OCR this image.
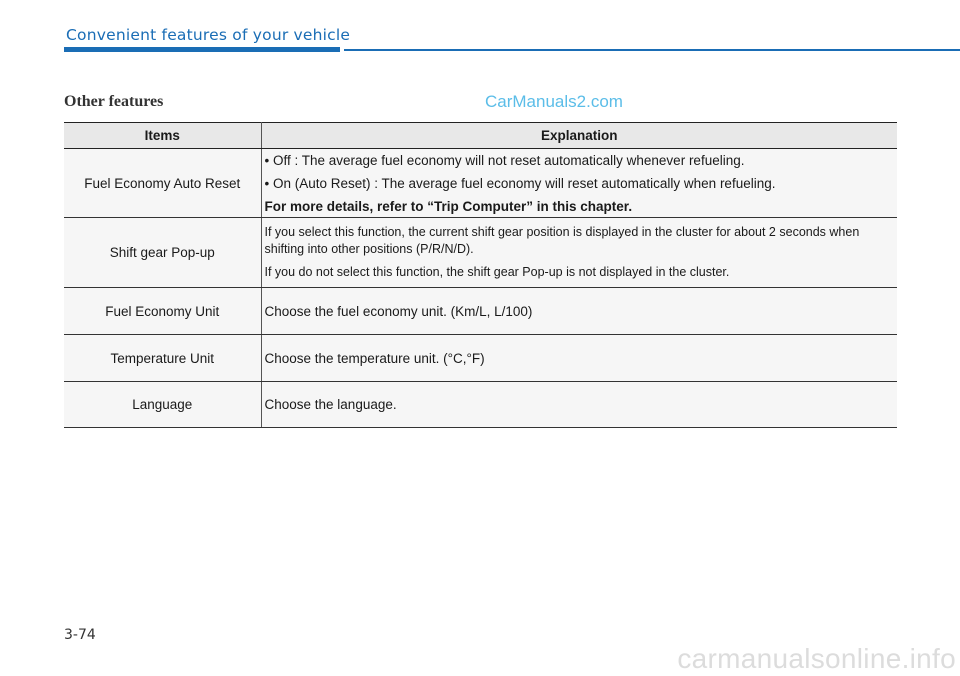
Convenient features of your vehicle
Other features	CarManuals2.com
Items	Explanation
Fuel Economy Auto Reset	• Off : The average fuel economy will not reset automatically whenever refueling.

• On (Auto Reset) : The average fuel economy will reset automatically when refueling.

For more details, refer to “Trip Computer” in this chapter.

Shift gear Pop-up	If you select this function, the current shift gear position is displayed in the cluster for about 2 seconds when shifting into other positions (P/R/N/D).

If you do not select this function, the shift gear Pop-up is not displayed in the cluster.

Fuel Economy Unit	Choose the fuel economy unit. (Km/L, L/100)

Temperature Unit	Choose the temperature unit. (°C,°F)

Language	Choose the language.

3-74
carmanualsonline.info
